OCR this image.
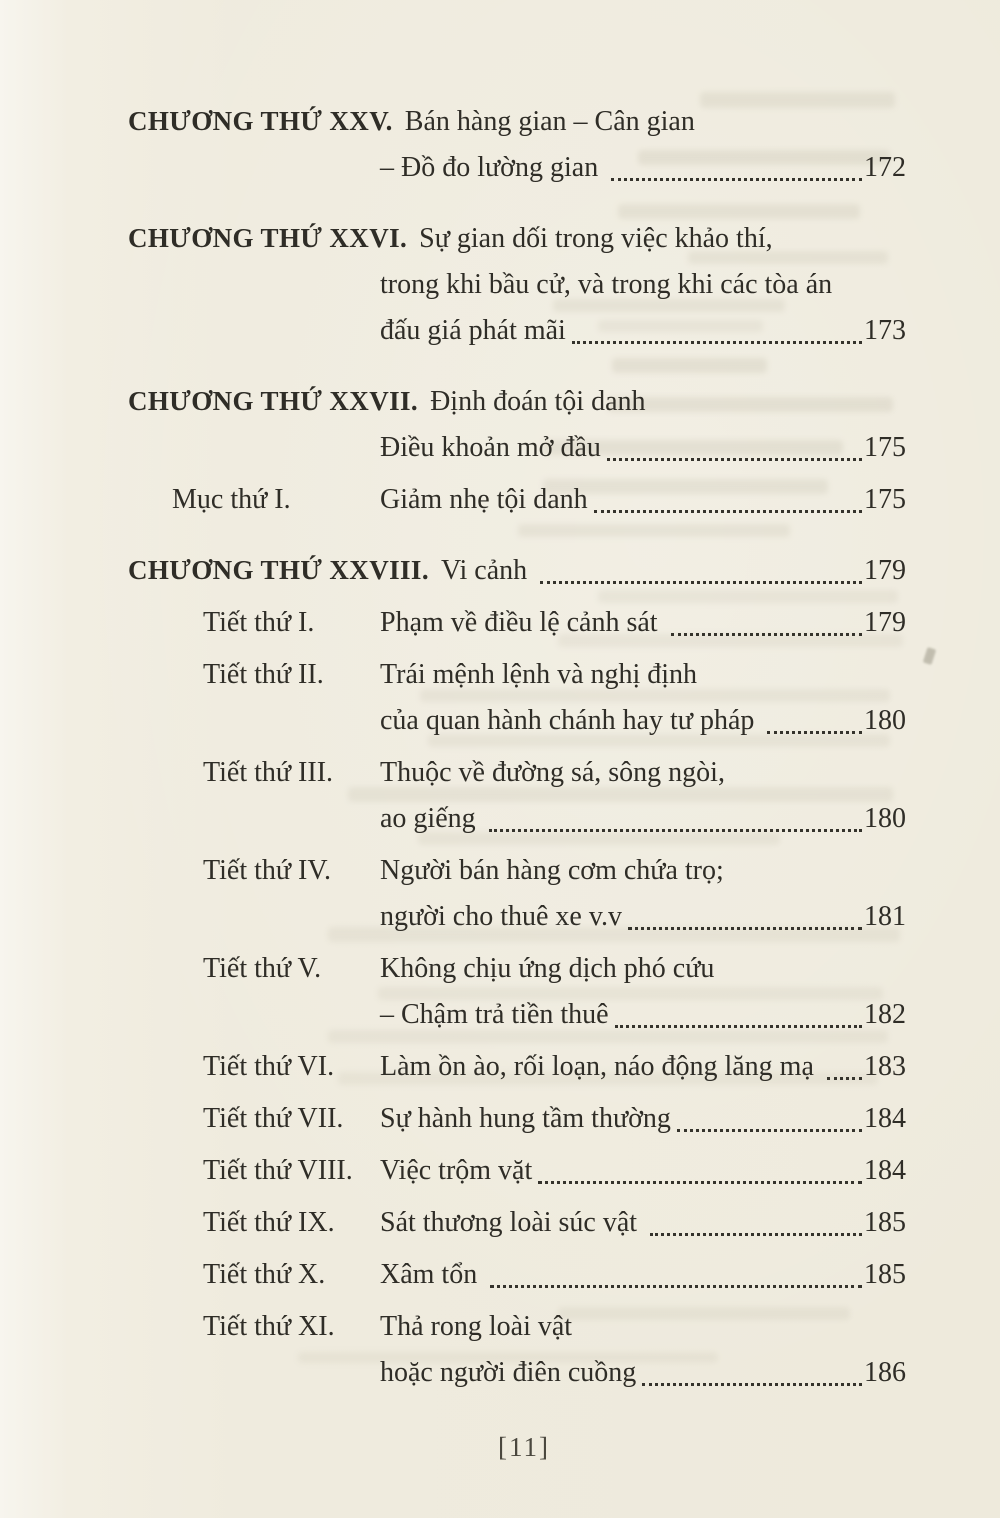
CHƯƠNG THỨ XXV. Bán hàng gian – Cân gian
– Đồ đo lường gian	172
CHƯƠNG THỨ XXVI. Sự gian dối trong việc khảo thí,
trong khi bầu cử, và trong khi các tòa án
đấu giá phát mãi	173
CHƯƠNG THỨ XXVII. Định đoán tội danh
Điều khoản mở đầu	175
Mục thứ I.	Giảm nhẹ tội danh	175
CHƯƠNG THỨ XXVIII. Vi cảnh	179
Tiết thứ I.	Phạm về điều lệ cảnh sát	179
Tiết thứ II.	Trái mệnh lệnh và nghị định
của quan hành chánh hay tư pháp	180
Tiết thứ III.	Thuộc về đường sá, sông ngòi,
ao giếng	180
Tiết thứ IV.	Người bán hàng cơm chứa trọ;
người cho thuê xe v.v	181
Tiết thứ V.	Không chịu ứng dịch phó cứu
– Chậm trả tiền thuê	182
Tiết thứ VI.	Làm ồn ào, rối loạn, náo động lăng mạ 183
Tiết thứ VII.	Sự hành hung tầm thường	184
Tiết thứ VIII. Việc trộm vặt	184
Tiết thứ IX.	Sát thương loài súc vật	185
Tiết thứ X.	Xâm tổn	185
Tiết thứ XI.	Thả rong loài vật
hoặc người điên cuồng	186
[11]
